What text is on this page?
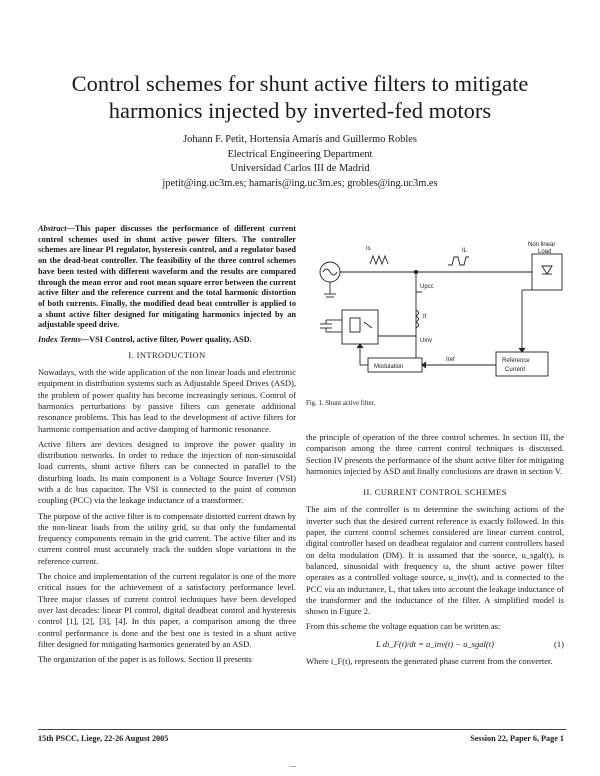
Control schemes for shunt active filters to mitigate
harmonics injected by inverted-fed motors
Johann F. Petit, Hortensia Amarís and Guillermo Robles
Electrical Engineering Department
Universidad Carlos III de Madrid
jpetit@ing.uc3m.es; hamaris@ing.uc3m.es; grobles@ing.uc3m.es

Abstract—This paper discusses the performance of different current control schemes used in shunt active power filters. The controller schemes are linear PI regulator, hysteresis control, and a regulator based on the dead-beat controller. The feasibility of the three control schemes have been tested with different waveform and the results are compared through the mean error and root mean square error between the current active filter and the reference current and the total harmonic distortion of both currents. Finally, the modified dead beat controller is applied to a shunt active filter designed for mitigating harmonics injected by an adjustable speed drive.

Index Terms—VSI Control, active filter, Power quality, ASD.

I. INTRODUCTION

Nowadays, with the wide application of the non linear loads and electronic equipment in distribution systems such as Adjustable Speed Drives (ASD), the problem of power quality has become increasingly serious. Control of harmonics perturbations by passive filters can generate additional resonance problems. This has lead to the development of active filters for harmonic compensation and active damping of harmonic resonance.

Active filters are devices designed to improve the power quality in distribution networks. In order to reduce the injection of non-sinusoidal load currents, shunt active filters can be connected in parallel to the disturbing loads. Its main component is a Voltage Source Inverter (VSI) with a dc bus capacitor. The VSI is connected to the point of common coupling (PCC) via the leakage inductance of a transformer.

The purpose of the active filter is to compensate distorted current drawn by the non-linear loads from the utility grid, so that only the fundamental frequency components remain in the grid current. The active filter and its current control must accurately track the sudden slope variations in the reference current.

The choice and implementation of the current regulator is one of the more critical issues for the achievement of a satisfactory performance level. Three major classes of current control techniques have been developed over last decades: linear PI control, digital deadbeat control and hysteresis control [1], [2], [3], [4]. In this paper, a comparison among the three control performance is done and the best one is tested in a shunt active filter designed for mitigating harmonics generated by an ASD.

The organization of the paper is as follows. Section II presents

Is	IL
Non linear
Load
Upcc
If
Uinv
Modulation
Iref	Reference
Current
Fig. 1. Shunt active filter.

the principle of operation of the three control schemes. In section III, the comparison among the three current control techniques is discussed. Section IV presents the performance of the shunt active filter for mitigating harmonics injected by ASD and finally conclusions are drawn in section V.

II. CURRENT CONTROL SCHEMES

The aim of the controller is to determine the switching actions of the inverter such that the desired current reference is exactly followed. In this paper, the current control schemes considered are linear current control, digital controller based on deadbeat regulator and current controllers based on delta modulation (DM). It is assumed that the source, u_sgal(t), is balanced, sinusoidal with frequency ω, the shunt active power filter operates as a controlled voltage source, u_inv(t), and is connected to the PCC via an inductance, L, that takes into account the leakage inductance of the transformer and the inductance of the filter. A simplified model is shown in Figure 2.

From this scheme the voltage equation can be written as:

L di_F(t)/dt = u_inv(t) − u_sgal(t)	(1)

Where i_F(t), represents the generated phase current from the converter.

15th PSCC, Liege, 22-26 August 2005	Session 22, Paper 6, Page 1
...
